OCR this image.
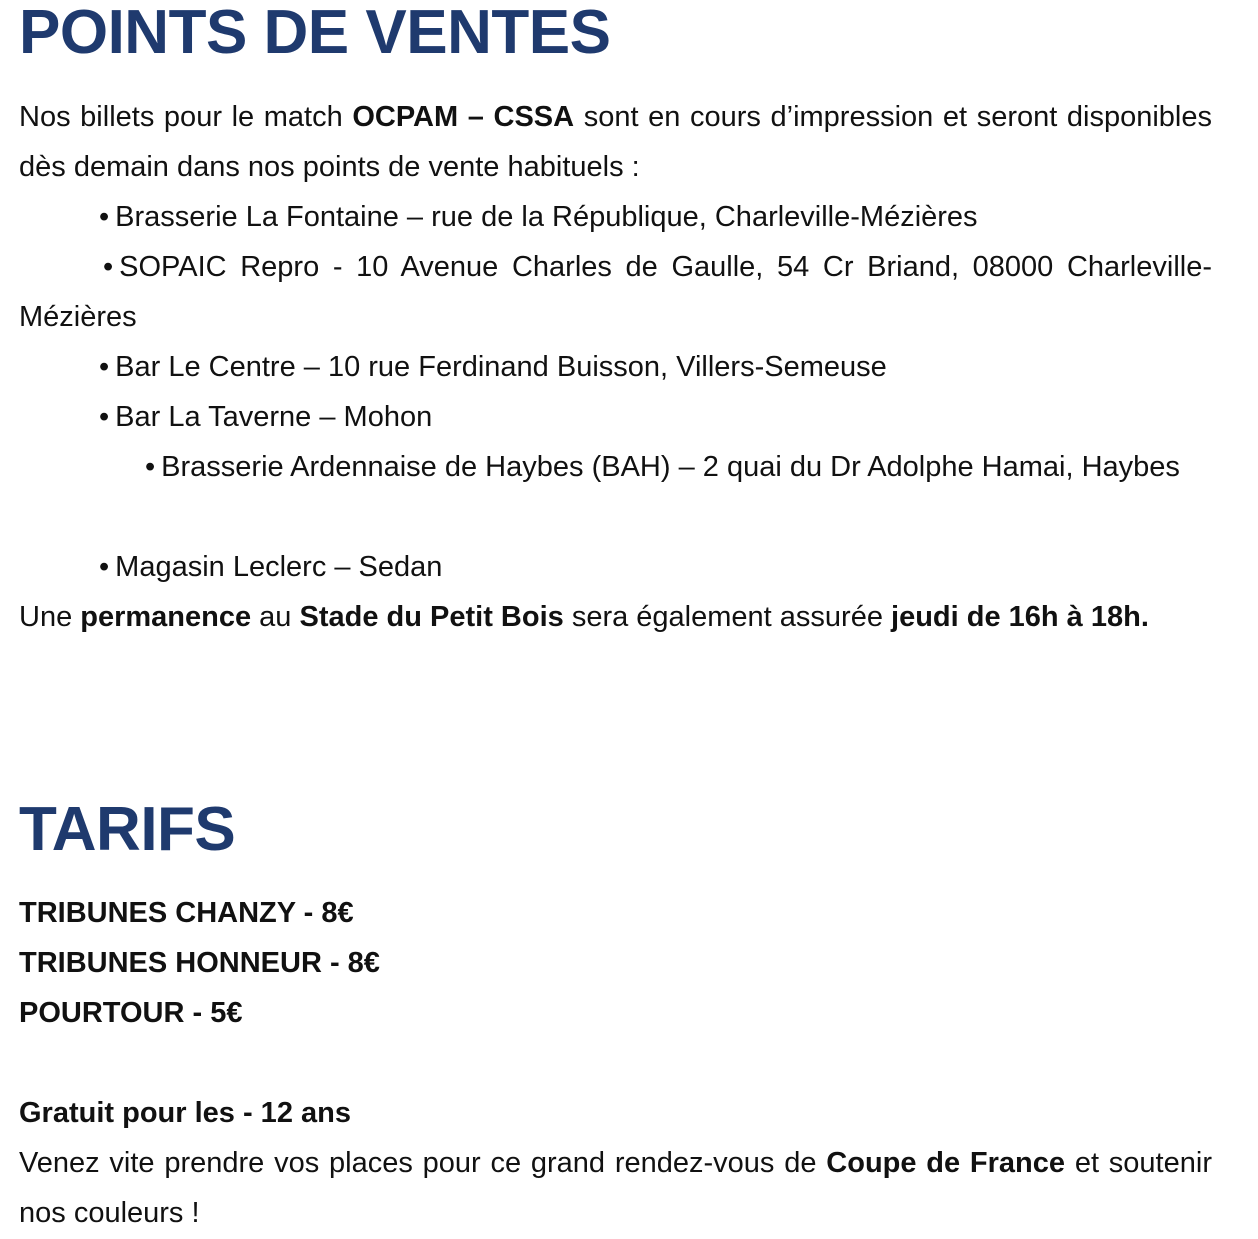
POINTS DE VENTES
Nos billets pour le match OCPAM – CSSA sont en cours d’impression et seront disponibles dès demain dans nos points de vente habituels :
• Brasserie La Fontaine – rue de la République, Charleville-Mézières
• SOPAIC Repro - 10 Avenue Charles de Gaulle, 54 Cr Briand, 08000 Charleville-Mézières
• Bar Le Centre – 10 rue Ferdinand Buisson, Villers-Semeuse
• Bar La Taverne – Mohon
• Brasserie Ardennaise de Haybes (BAH) – 2 quai du Dr Adolphe Hamai, Haybes
• Magasin Leclerc – Sedan
Une permanence au Stade du Petit Bois sera également assurée jeudi de 16h à 18h.
TARIFS
TRIBUNES CHANZY - 8€
TRIBUNES HONNEUR - 8€
POURTOUR - 5€
Gratuit pour les - 12 ans
Venez vite prendre vos places pour ce grand rendez-vous de Coupe de France et soutenir nos couleurs !
